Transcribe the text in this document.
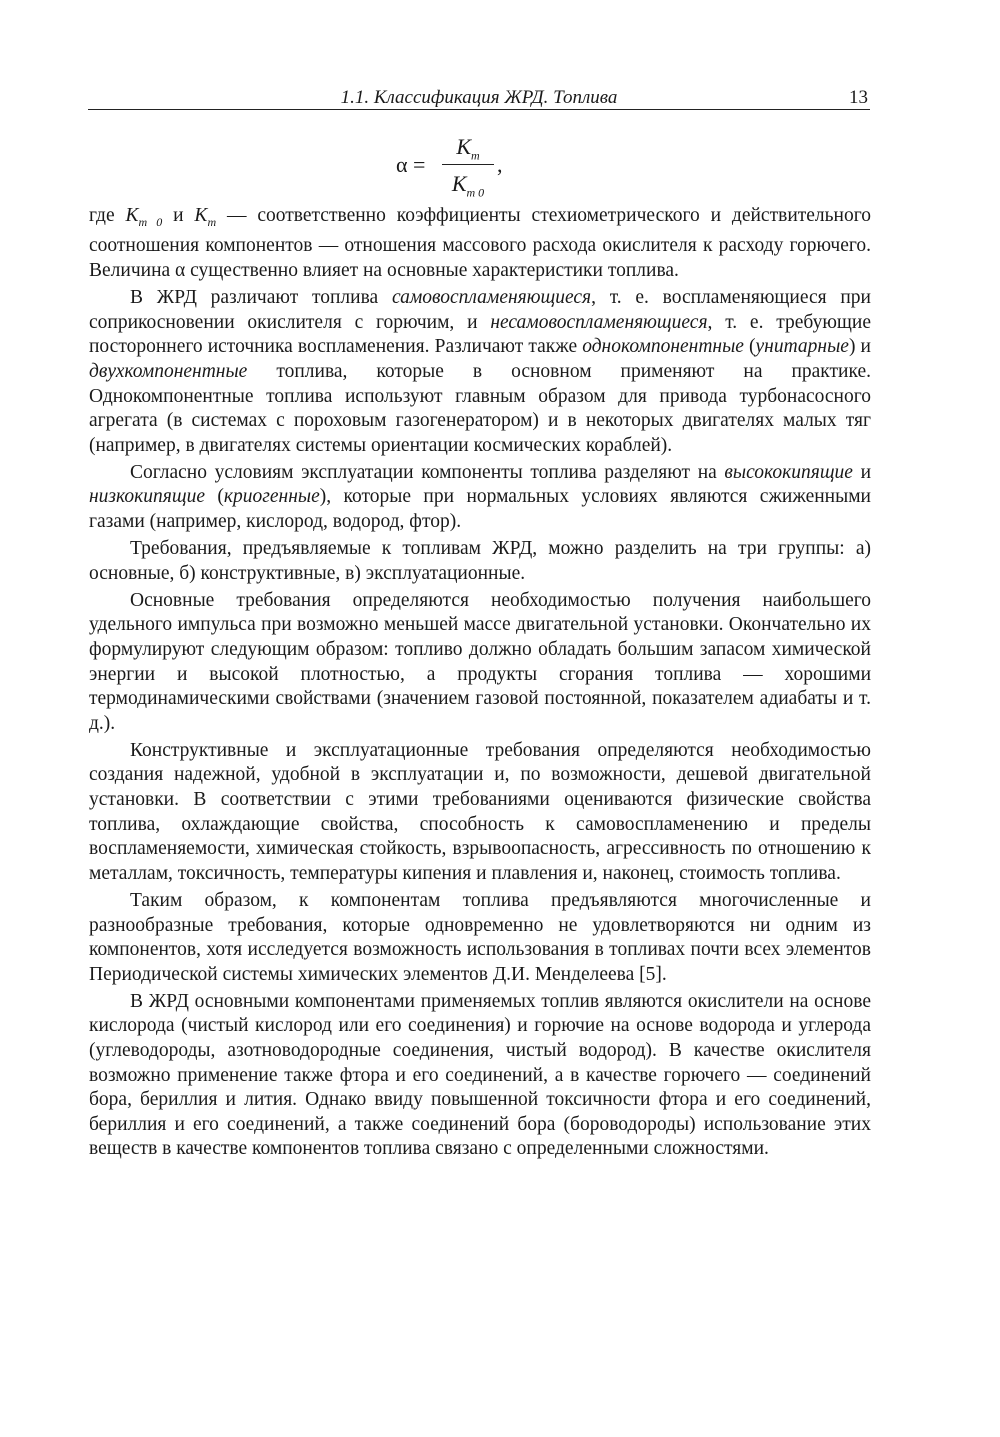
1.1. Классификация ЖРД. Топлива	13
α =
$K_m$
$K_{m 0}$
,

где $K_{m 0}$ и $K_m$ — соответственно коэффициенты стехиометрического и действительного соотношения компонентов — отношения массового расхода окислителя к расходу горючего. Величина α существенно влияет на основные характеристики топлива.

В ЖРД различают топлива самовоспламеняющиеся, т. е. воспламеняющиеся при соприкосновении окислителя с горючим, и несамовоспламеняющиеся, т. е. требующие постороннего источника воспламенения. Различают также однокомпонентные (унитарные) и двухкомпонентные топлива, которые в основном применяют на практике. Однокомпонентные топлива используют главным образом для привода турбонасосного агрегата (в системах с пороховым газогенератором) и в некоторых двигателях малых тяг (например, в двигателях системы ориентации космических кораблей).

Согласно условиям эксплуатации компоненты топлива разделяют на высококипящие и низкокипящие (криогенные), которые при нормальных условиях являются сжиженными газами (например, кислород, водород, фтор).

Требования, предъявляемые к топливам ЖРД, можно разделить на три группы: а) основные, б) конструктивные, в) эксплуатационные.

Основные требования определяются необходимостью получения наибольшего удельного импульса при возможно меньшей массе двигательной установки. Окончательно их формулируют следующим образом: топливо должно обладать большим запасом химической энергии и высокой плотностью, а продукты сгорания топлива — хорошими термодинамическими свойствами (значением газовой постоянной, показателем адиабаты и т. д.).

Конструктивные и эксплуатационные требования определяются необходимостью создания надежной, удобной в эксплуатации и, по возможности, дешевой двигательной установки. В соответствии с этими требованиями оцениваются физические свойства топлива, охлаждающие свойства, способность к самовоспламенению и пределы воспламеняемости, химическая стойкость, взрывоопасность, агрессивность по отношению к металлам, токсичность, температуры кипения и плавления и, наконец, стоимость топлива.

Таким образом, к компонентам топлива предъявляются многочисленные и разнообразные требования, которые одновременно не удовлетворяются ни одним из компонентов, хотя исследуется возможность использования в топливах почти всех элементов Периодической системы химических элементов Д.И. Менделеева [5].

В ЖРД основными компонентами применяемых топлив являются окислители на основе кислорода (чистый кислород или его соединения) и горючие на основе водорода и углерода (углеводороды, азотноводородные соединения, чистый водород). В качестве окислителя возможно применение также фтора и его соединений, а в качестве горючего — соединений бора, бериллия и лития. Однако ввиду повышенной токсичности фтора и его соединений, бериллия и его соединений, а также соединений бора (бороводороды) использование этих веществ в качестве компонентов топлива связано с определенными сложностями.
